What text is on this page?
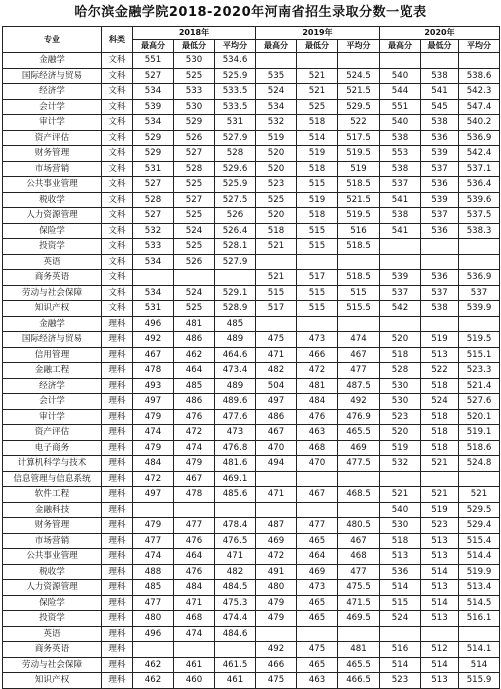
哈尔滨金融学院2018-2020年河南省招生录取分数一览表
专业	科类	2018年			2019年			2020年		
		最高分	最低分	平均分	最高分	最低分	平均分	最高分	最低分	平均分
金融学	文科	551	530	534.6						
国际经济与贸易	文科	527	525	525.9	535	521	524.5	540	538	538.6
经济学	文科	534	533	533.5	524	521	521.5	544	541	542.3
会计学	文科	539	530	533.5	534	525	529.5	551	545	547.4
审计学	文科	534	529	531	532	518	522	540	538	540.2
资产评估	文科	529	526	527.9	519	514	517.5	538	536	536.9
财务管理	文科	529	527	528	520	519	519.5	553	539	542.4
市场营销	文科	531	528	529.6	520	518	519	538	537	537.1
公共事业管理	文科	527	525	525.9	523	515	518.5	537	536	536.4
税收学	文科	528	527	527.5	525	519	521.5	541	539	539.6
人力资源管理	文科	527	525	526	520	518	519.5	538	537	537.5
保险学	文科	532	524	526.4	518	515	516	541	536	538.3
投资学	文科	533	525	528.1	521	515	518.5			
英语	文科	534	526	527.9						
商务英语	文科				521	517	518.5	539	536	536.9
劳动与社会保障	文科	534	524	529.1	515	515	515	537	537	537
知识产权	文科	531	525	528.9	517	515	515.5	542	538	539.9
金融学	理科	496	481	485						
国际经济与贸易	理科	492	486	489	475	473	474	520	519	519.5
信用管理	理科	467	462	464.6	471	466	467	518	513	515.1
金融工程	理科	478	464	473.4	482	472	477	528	522	523.3
经济学	理科	493	485	489	504	481	487.5	530	518	521.4
会计学	理科	497	486	489.6	497	484	492	530	524	527.6
审计学	理科	479	476	477.6	486	476	476.9	523	518	520.1
资产评估	理科	474	472	473	467	463	465.5	520	518	519.1
电子商务	理科	479	474	476.8	470	468	469	519	518	518.6
计算机科学与技术	理科	484	479	481.6	494	470	477.5	532	521	524.8
信息管理与信息系统	理科	472	467	469.1						
软件工程	理科	497	478	485.6	471	467	468.5	521	521	521
金融科技	理科							540	519	529.5
财务管理	理科	479	477	478.4	487	477	480.5	530	523	529.4
市场营销	理科	477	476	476.5	469	465	467	518	513	515.4
公共事业管理	理科	474	464	471	472	464	468	513	513	514.4
税收学	理科	488	476	482	491	469	477	536	514	519.9
人力资源管理	理科	485	484	484.5	480	473	475.5	514	513	513.4
保险学	理科	477	471	475.3	479	465	471.5	515	514	514.5
投资学	理科	480	468	474.4	479	465	469.5	524	513	516.1
英语	理科	496	474	484.6						
商务英语	理科				492	475	481	516	512	514.1
劳动与社会保障	理科	462	461	461.5	466	465	465.5	514	514	514
知识产权	理科	462	460	461	475	463	466.5	523	513	515.9
